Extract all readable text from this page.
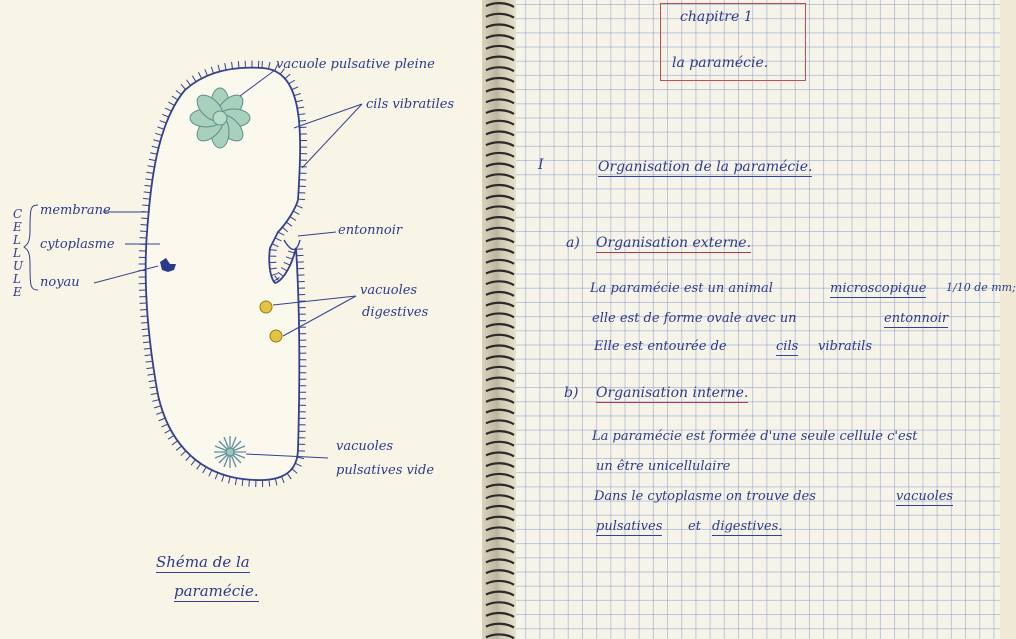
vacuole pulsative pleine
cils vibratiles
entonnoir
vacuoles
digestives
vacuoles
pulsatives vide
membrane
cytoplasme
noyau
CELLULE
Shéma de la
paramécie.
chapitre 1
la paramécie.
I	Organisation de la paramécie.
a) Organisation externe.
La paramécie est un animal	microscopique 1/10 de mm;
elle est de forme ovale avec un	entonnoir
Elle est entourée de	cils vibratils
b) Organisation interne.
La paramécie est formée d'une seule cellule c'est
un être unicellulaire
Dans le cytoplasme on trouve des	vacuoles
pulsatives et digestives.
